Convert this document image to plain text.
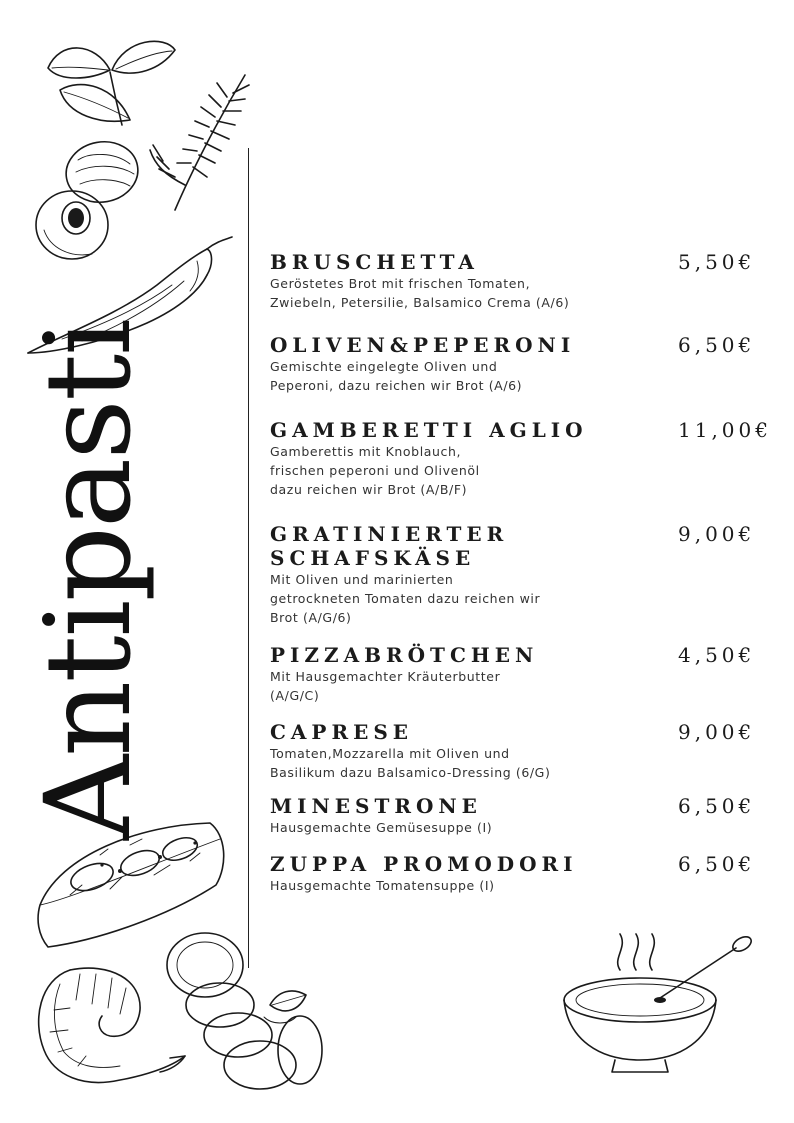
Antipasti

BRUSCHETTA

Geröstetes Brot mit frischen Tomaten,
Zwiebeln, Petersilie, Balsamico Crema (A/6)

5,50€

OLIVEN&PEPERONI

Gemischte eingelegte Oliven und
Peperoni, dazu reichen wir Brot (A/6)

6,50€

GAMBERETTI AGLIO

Gamberettis mit Knoblauch,
frischen peperoni und Olivenöl
dazu reichen wir Brot (A/B/F)

11,00€

GRATINIERTER SCHAFSKÄSE

Mit Oliven und marinierten
getrockneten Tomaten dazu reichen wir
Brot (A/G/6)

9,00€

PIZZABRÖTCHEN

Mit Hausgemachter Kräuterbutter
(A/G/C)

4,50€

CAPRESE

Tomaten,Mozzarella mit Oliven und
Basilikum dazu Balsamico-Dressing (6/G)

9,00€

MINESTRONE

Hausgemachte Gemüsesuppe (I)

6,50€

ZUPPA PROMODORI

Hausgemachte Tomatensuppe (I)

6,50€
